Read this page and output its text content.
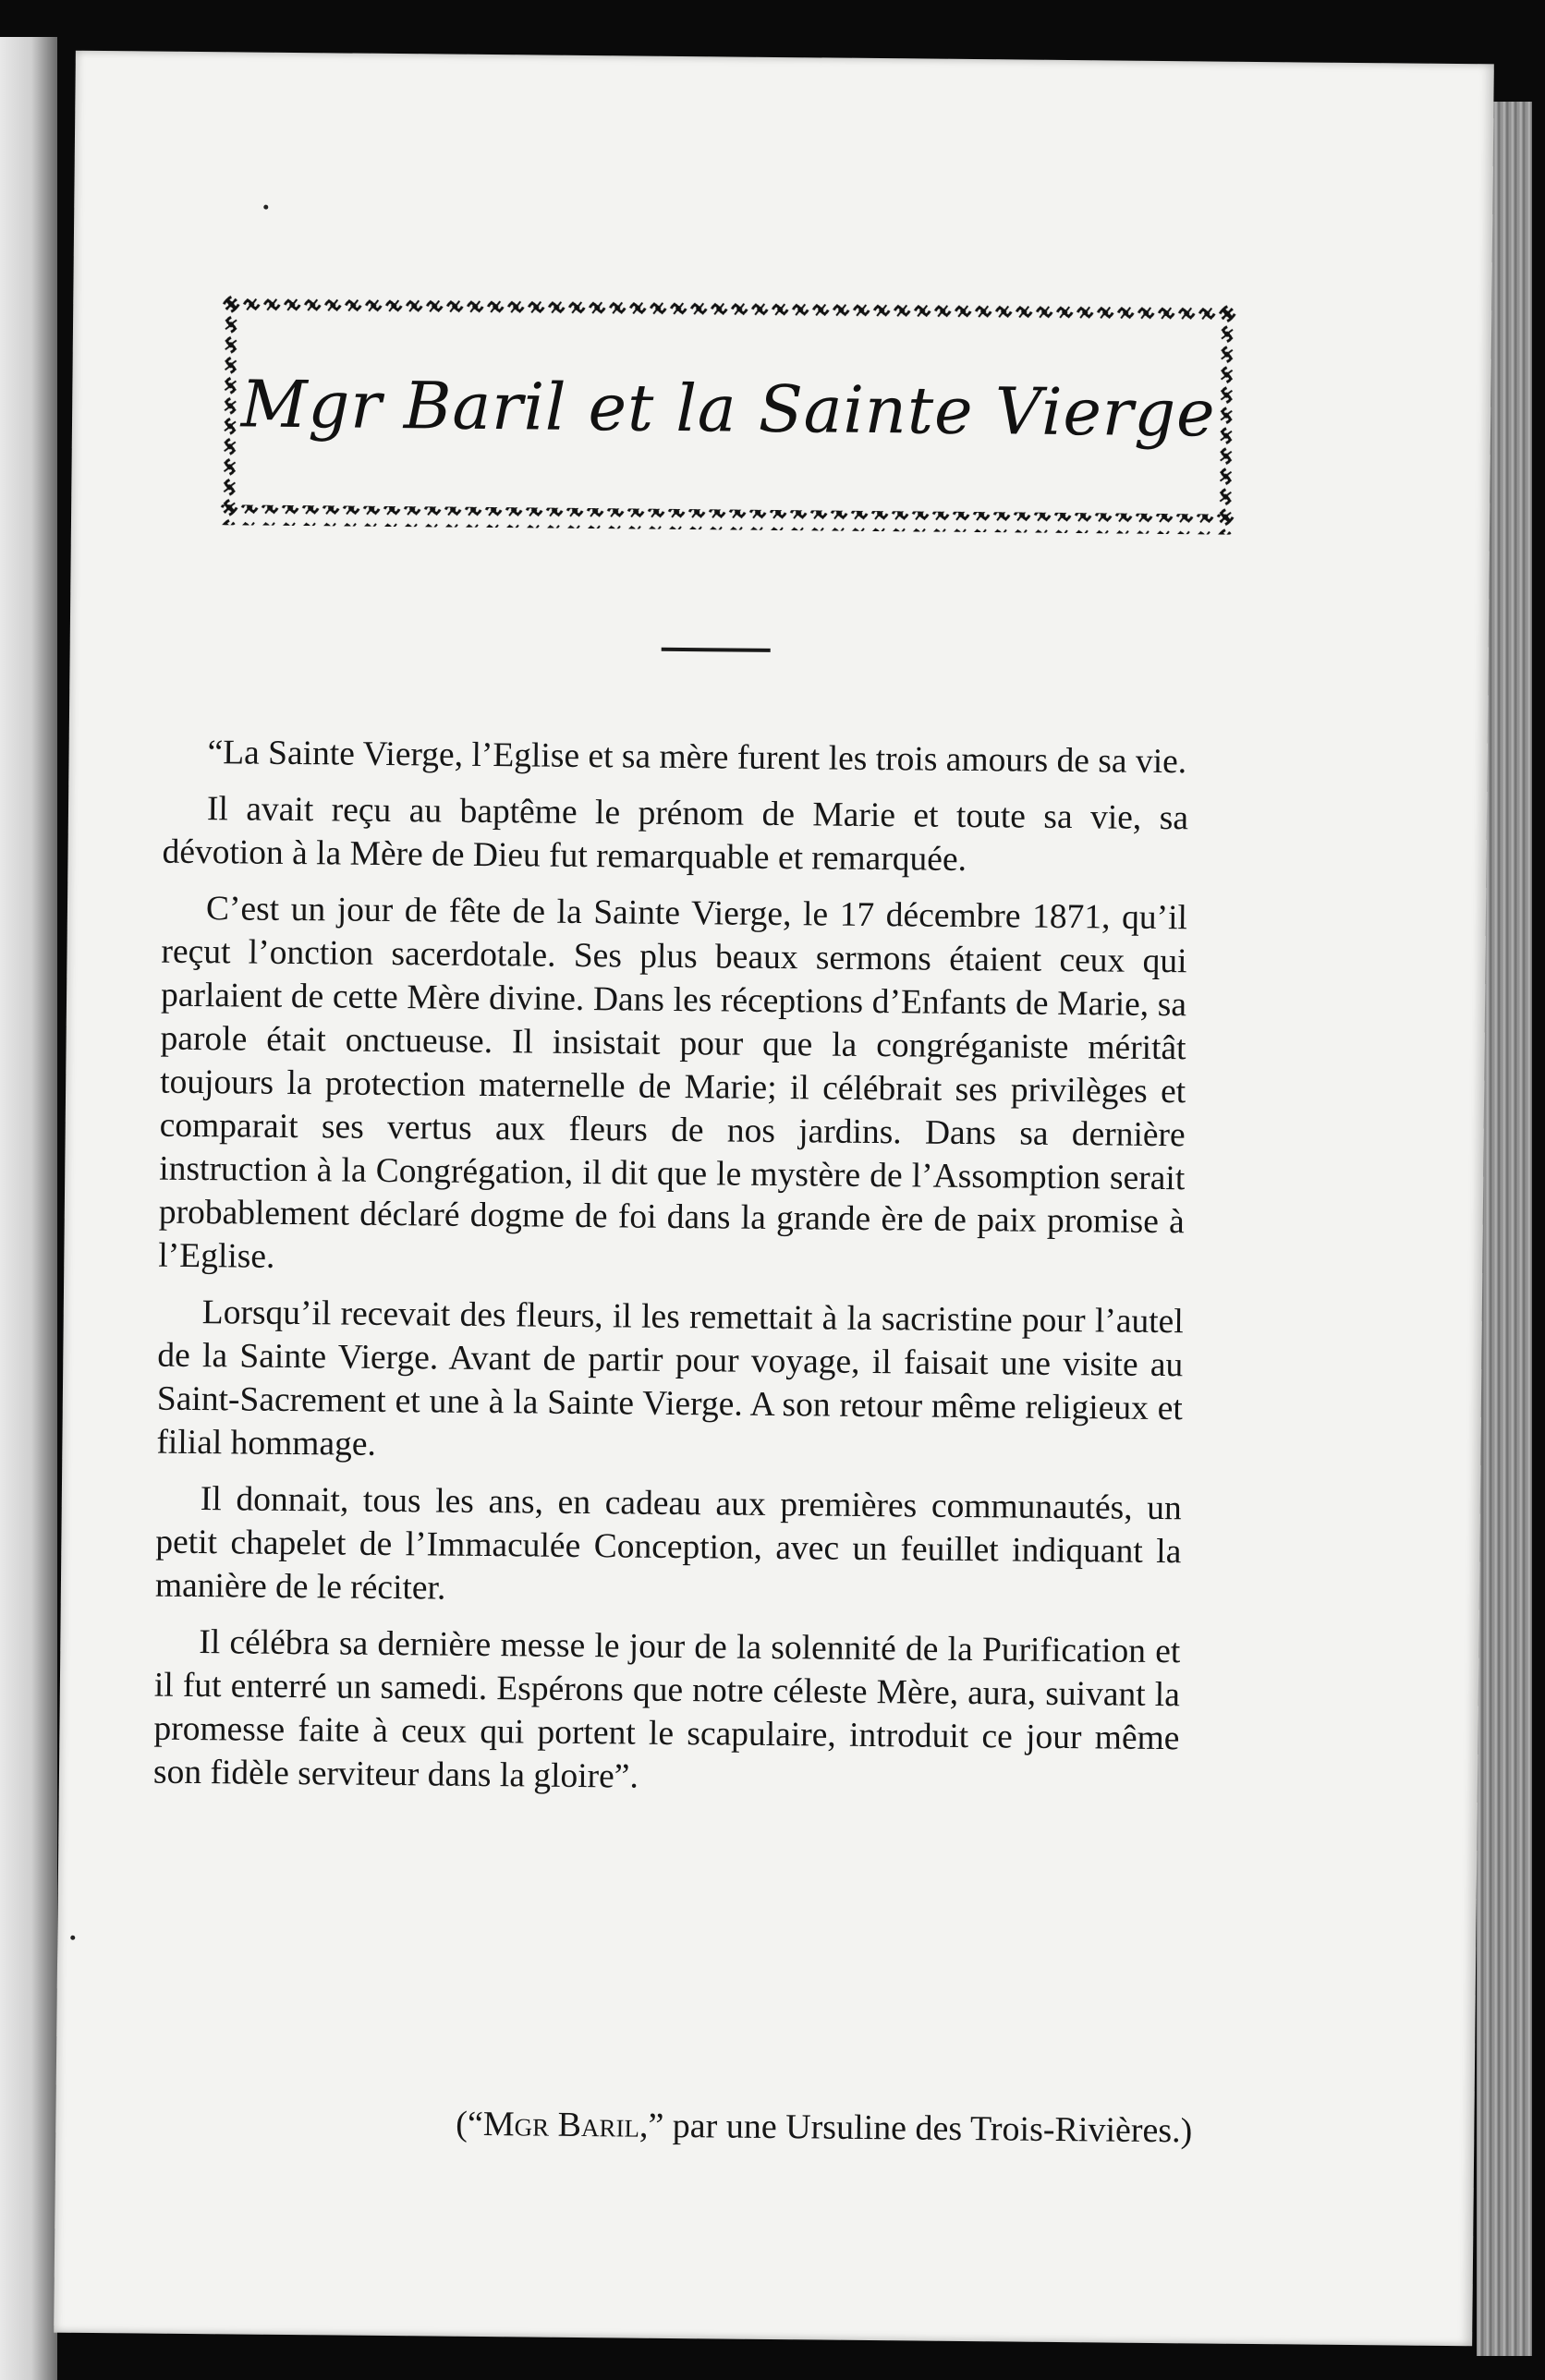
Mgr Baril et la Sainte Vierge

“La Sainte Vierge, l’Eglise et sa mère furent les trois amours de sa vie.

Il avait reçu au baptême le prénom de Marie et toute sa vie, sa dévotion à la Mère de Dieu fut remarquable et remarquée.

C’est un jour de fête de la Sainte Vierge, le 17 décembre 1871, qu’il reçut l’onction sacerdotale. Ses plus beaux sermons étaient ceux qui parlaient de cette Mère divine. Dans les réceptions d’Enfants de Marie, sa parole était onctueuse. Il insistait pour que la congréganiste méritât toujours la protection maternelle de Marie; il célébrait ses privilèges et comparait ses vertus aux fleurs de nos jardins. Dans sa dernière instruction à la Congrégation, il dit que le mystère de l’Assomption serait probablement déclaré dogme de foi dans la grande ère de paix promise à l’Eglise.

Lorsqu’il recevait des fleurs, il les remettait à la sacristine pour l’autel de la Sainte Vierge. Avant de partir pour voyage, il faisait une visite au Saint-Sacrement et une à la Sainte Vierge. A son retour même religieux et filial hommage.

Il donnait, tous les ans, en cadeau aux premières communautés, un petit chapelet de l’Immaculée Conception, avec un feuillet indiquant la manière de le réciter.

Il célébra sa dernière messe le jour de la solennité de la Purification et il fut enterré un samedi. Espérons que notre céleste Mère, aura, suivant la promesse faite à ceux qui portent le scapulaire, introduit ce jour même son fidèle serviteur dans la gloire”.

(“Mgr Baril,” par une Ursuline des Trois-Rivières.)
